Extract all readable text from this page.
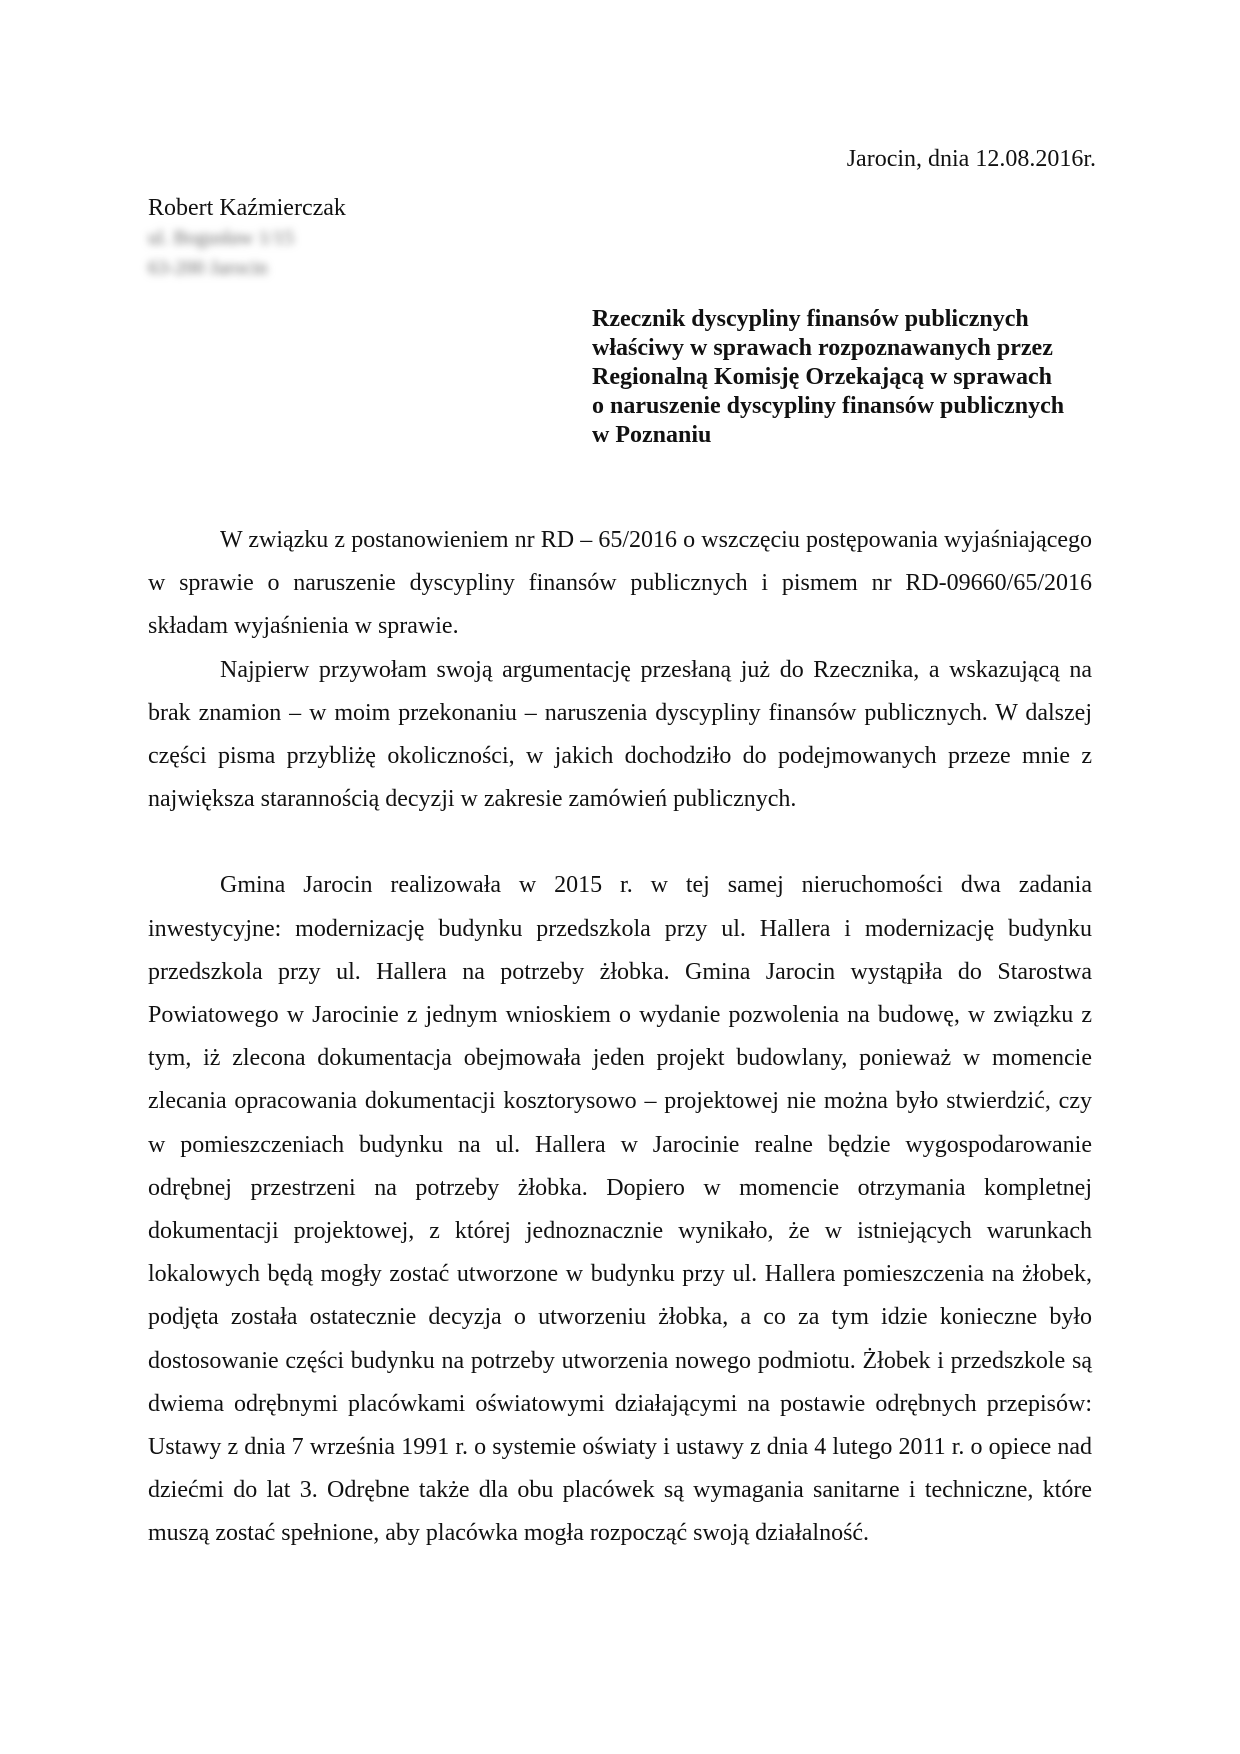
Jarocin, dnia 12.08.2016r.
Robert Kaźmierczak
ul. Bogusław 1/15
63-200 Jarocin
Rzecznik dyscypliny finansów publicznych
właściwy w sprawach rozpoznawanych przez
Regionalną Komisję Orzekającą w sprawach
o naruszenie dyscypliny finansów publicznych
w Poznaniu

W związku z postanowieniem nr RD – 65/2016 o wszczęciu postępowania wyjaśniającego w sprawie o naruszenie dyscypliny finansów publicznych i pismem nr RD-09660/65/2016 składam wyjaśnienia w sprawie.

Najpierw przywołam swoją argumentację przesłaną już do Rzecznika, a wskazującą na brak znamion – w moim przekonaniu – naruszenia dyscypliny finansów publicznych. W dalszej części pisma przybliżę okoliczności, w jakich dochodziło do podejmowanych przeze mnie z największa starannością decyzji w zakresie zamówień publicznych.

Gmina Jarocin realizowała w 2015 r. w tej samej nieruchomości dwa zadania inwestycyjne: modernizację budynku przedszkola przy ul. Hallera i modernizację budynku przedszkola przy ul. Hallera na potrzeby żłobka. Gmina Jarocin wystąpiła do Starostwa Powiatowego w Jarocinie z jednym wnioskiem o wydanie pozwolenia na budowę, w związku z tym, iż zlecona dokumentacja obejmowała jeden projekt budowlany, ponieważ w momencie zlecania opracowania dokumentacji kosztorysowo – projektowej nie można było stwierdzić, czy w pomieszczeniach budynku na ul. Hallera w Jarocinie realne będzie wygospodarowanie odrębnej przestrzeni na potrzeby żłobka. Dopiero w momencie otrzymania kompletnej dokumentacji projektowej, z której jednoznacznie wynikało, że w istniejących warunkach lokalowych będą mogły zostać utworzone w budynku przy ul. Hallera pomieszczenia na żłobek, podjęta została ostatecznie decyzja o utworzeniu żłobka, a co za tym idzie konieczne było dostosowanie części budynku na potrzeby utworzenia nowego podmiotu. Żłobek i przedszkole są dwiema odrębnymi placówkami oświatowymi działającymi na postawie odrębnych przepisów: Ustawy z dnia 7 września 1991 r. o systemie oświaty i ustawy z dnia 4 lutego 2011 r. o opiece nad dziećmi do lat 3. Odrębne także dla obu placówek są wymagania sanitarne i techniczne, które muszą zostać spełnione, aby placówka mogła rozpocząć swoją działalność.
